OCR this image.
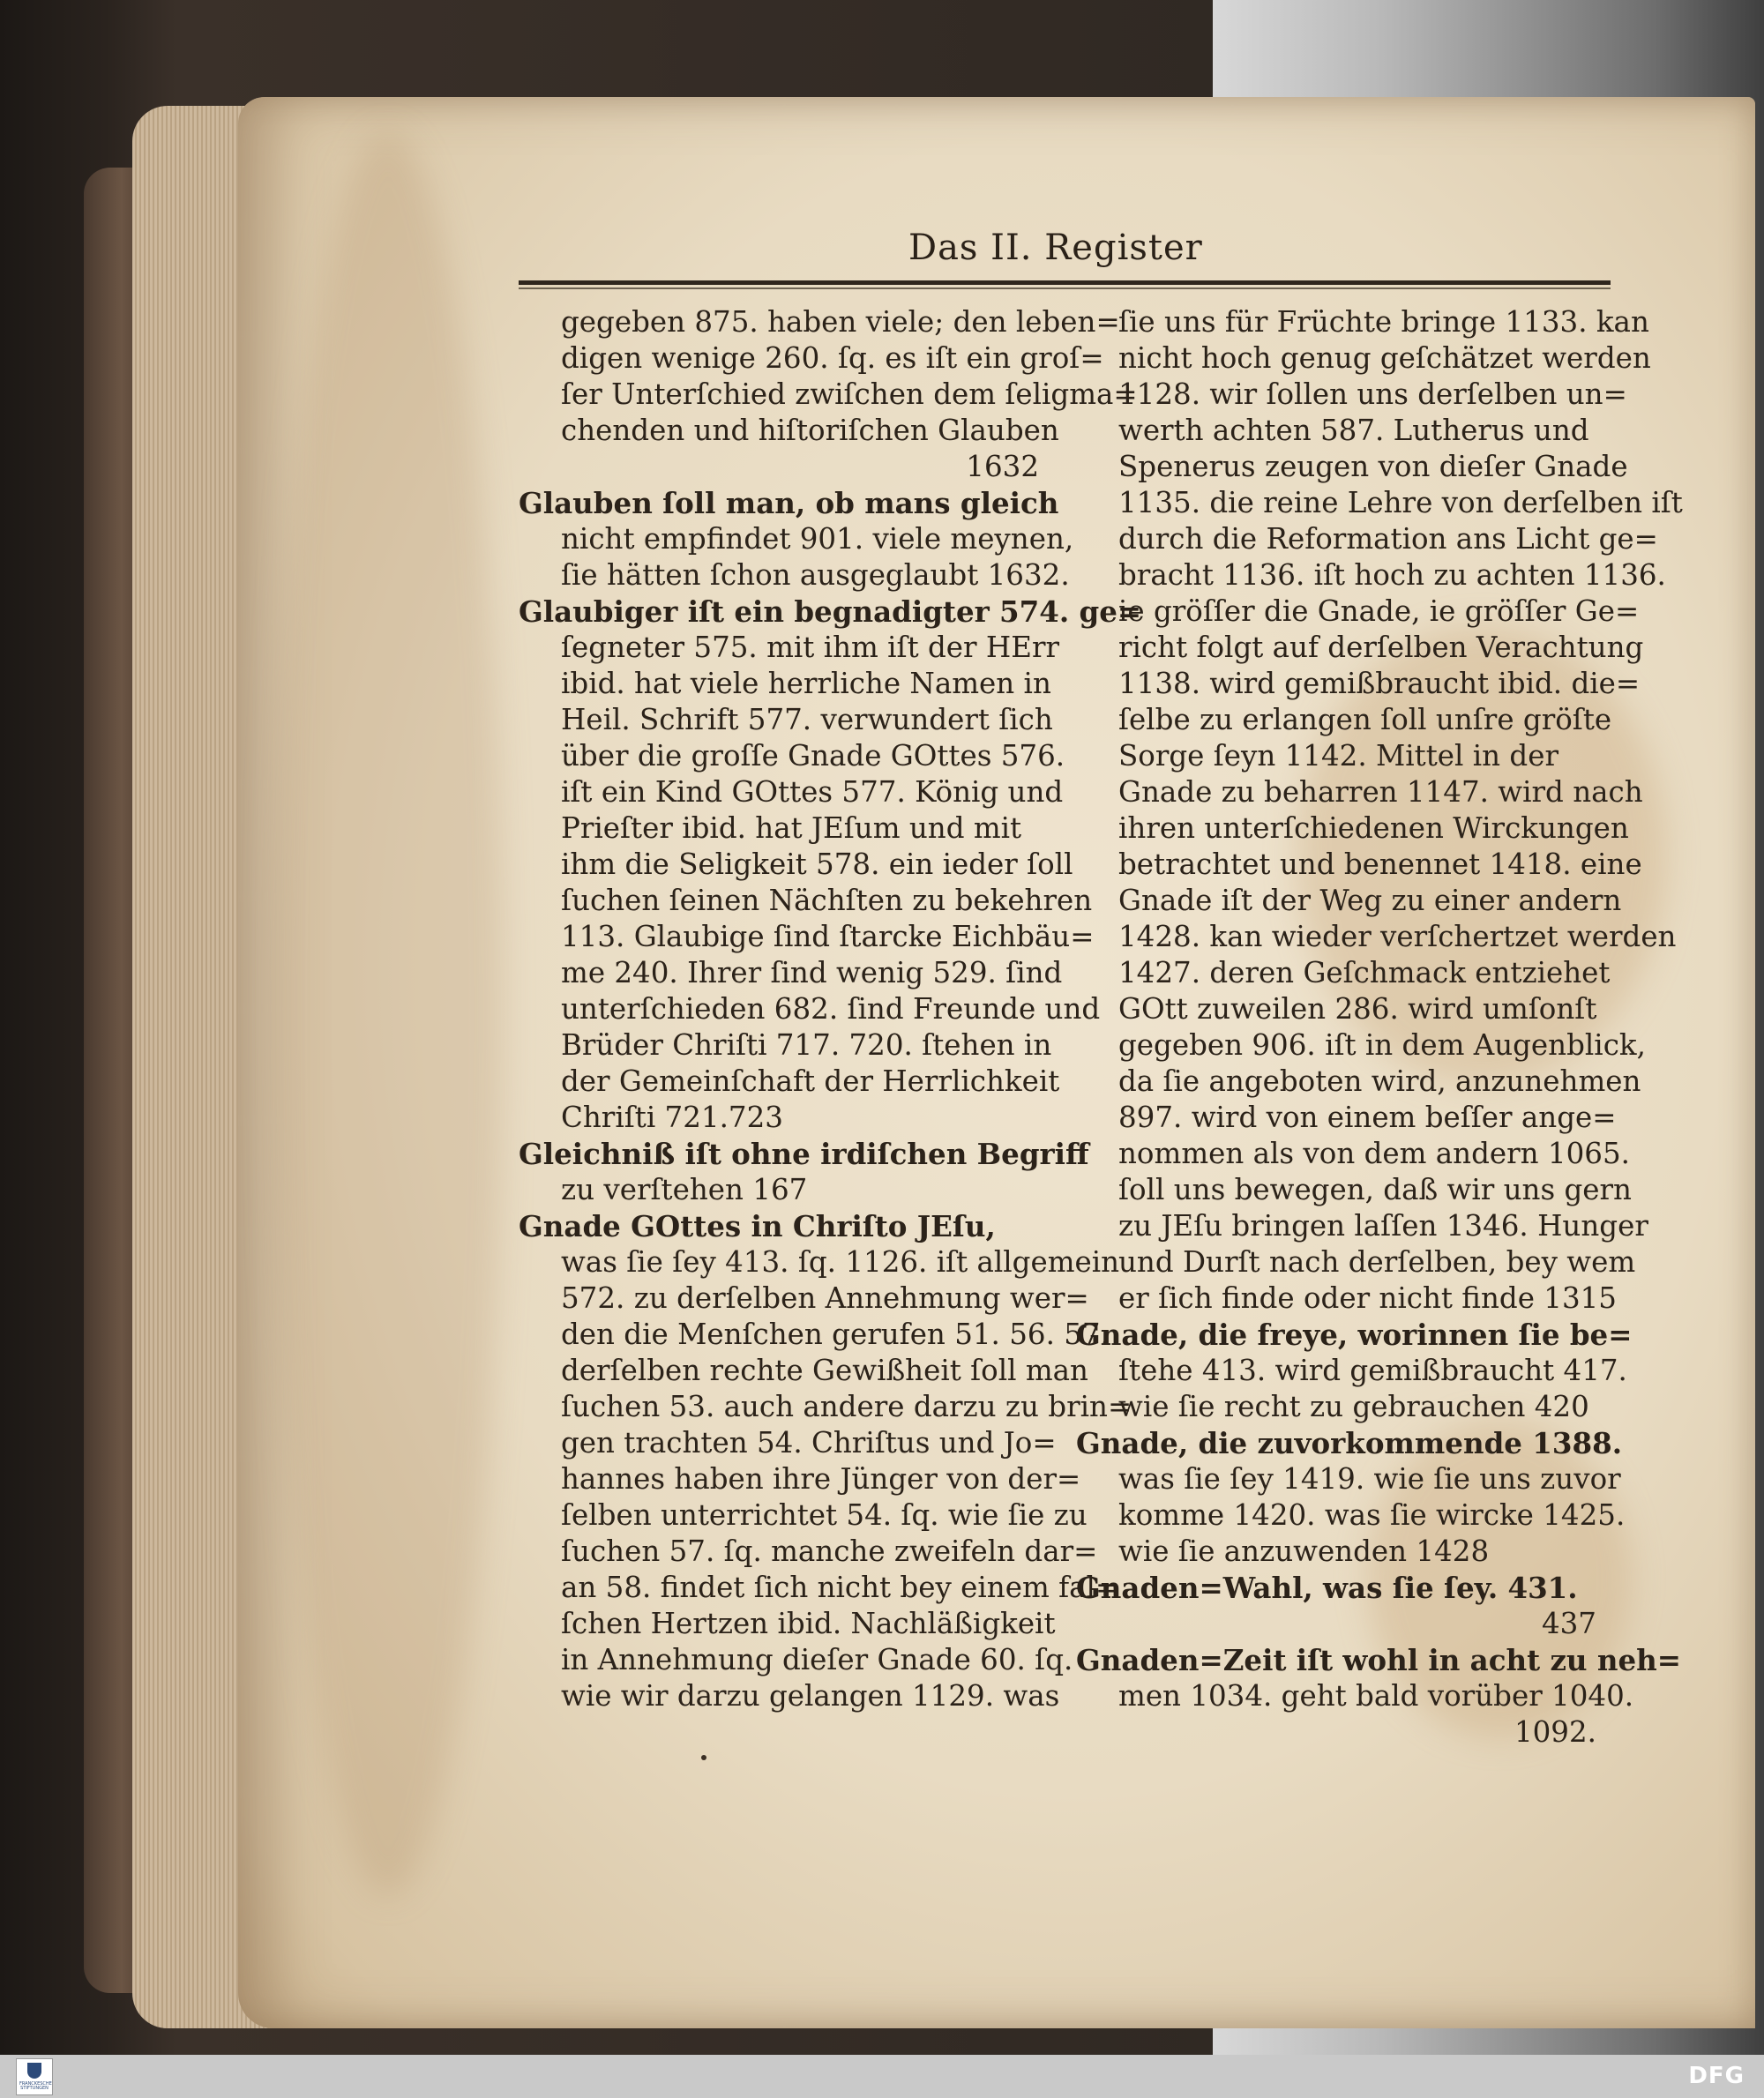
Das II. Register
gegeben 875. haben viele; den leben=
digen wenige 260. ſq. es iſt ein groſ=
ſer Unterſchied zwiſchen dem ſeligma=
chenden und hiſtoriſchen Glauben
1632
Glauben ſoll man, ob mans gleich
nicht empfindet 901. viele meynen,
ſie hätten ſchon ausgeglaubt 1632.
Glaubiger iſt ein begnadigter 574. ge=
ſegneter 575. mit ihm iſt der HErr
ibid. hat viele herrliche Namen in
Heil. Schrift 577. verwundert ſich
über die groſſe Gnade GOttes 576.
iſt ein Kind GOttes 577. König und
Prieſter ibid. hat JEſum und mit
ihm die Seligkeit 578. ein ieder ſoll
ſuchen ſeinen Nächſten zu bekehren
113. Glaubige ſind ſtarcke Eichbäu=
me 240. Ihrer ſind wenig 529. ſind
unterſchieden 682. ſind Freunde und
Brüder Chriſti 717. 720. ſtehen in
der Gemeinſchaft der Herrlichkeit
Chriſti 721.723
Gleichniß iſt ohne irdiſchen Begriff
zu verſtehen 167
Gnade GOttes in Chriſto JEſu,
was ſie ſey 413. ſq. 1126. iſt allgemein
572. zu derſelben Annehmung wer=
den die Menſchen gerufen 51. 56. 57.
derſelben rechte Gewißheit ſoll man
ſuchen 53. auch andere darzu zu brin=
gen trachten 54. Chriſtus und Jo=
hannes haben ihre Jünger von der=
ſelben unterrichtet 54. ſq. wie ſie zu
ſuchen 57. ſq. manche zweifeln dar=
an 58. findet ſich nicht bey einem fal=
ſchen Hertzen ibid. Nachläßigkeit
in Annehmung dieſer Gnade 60. ſq.
wie wir darzu gelangen 1129. was
ſie uns für Früchte bringe 1133. kan
nicht hoch genug geſchätzet werden
1128. wir ſollen uns derſelben un=
werth achten 587. Lutherus und
Spenerus zeugen von dieſer Gnade
1135. die reine Lehre von derſelben iſt
durch die Reformation ans Licht ge=
bracht 1136. iſt hoch zu achten 1136.
ie gröſſer die Gnade, ie gröſſer Ge=
richt folgt auf derſelben Verachtung
1138. wird gemißbraucht ibid. die=
ſelbe zu erlangen ſoll unſre gröſte
Sorge ſeyn 1142. Mittel in der
Gnade zu beharren 1147. wird nach
ihren unterſchiedenen Wirckungen
betrachtet und benennet 1418. eine
Gnade iſt der Weg zu einer andern
1428. kan wieder verſchertzet werden
1427. deren Geſchmack entziehet
GOtt zuweilen 286. wird umſonſt
gegeben 906. iſt in dem Augenblick,
da ſie angeboten wird, anzunehmen
897. wird von einem beſſer ange=
nommen als von dem andern 1065.
ſoll uns bewegen, daß wir uns gern
zu JEſu bringen laſſen 1346. Hunger
und Durſt nach derſelben, bey wem
er ſich finde oder nicht finde 1315
Gnade, die freye, worinnen ſie be=
ſtehe 413. wird gemißbraucht 417.
wie ſie recht zu gebrauchen 420
Gnade, die zuvorkommende 1388.
was ſie ſey 1419. wie ſie uns zuvor
komme 1420. was ſie wircke 1425.
wie ſie anzuwenden 1428
Gnaden=Wahl, was ſie ſey. 431.
437
Gnaden=Zeit iſt wohl in acht zu neh=
men 1034. geht bald vorüber 1040.
1092.
FRANCKESCHE STIFTUNGEN	DFG
